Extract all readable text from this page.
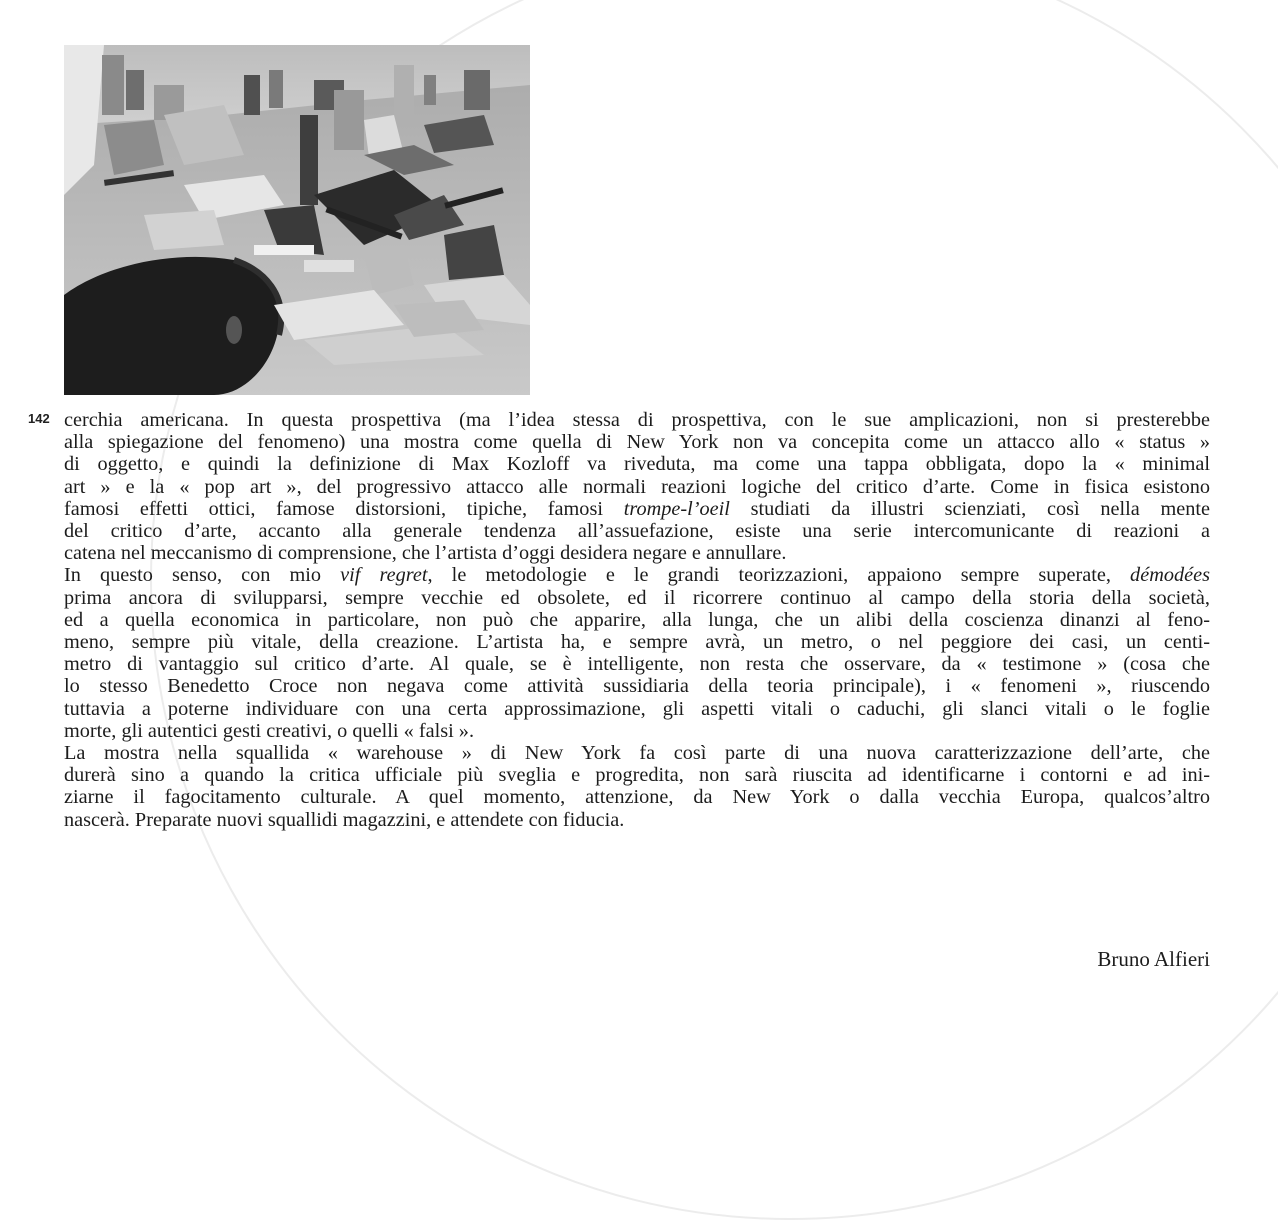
142 cerchia americana. In questa prospettiva (ma l’idea stessa di prospettiva, con le sue amplicazioni, non si presterebbe
alla spiegazione del fenomeno) una mostra come quella di New York non va concepita come un attacco allo « status »
di oggetto, e quindi la definizione di Max Kozloff va riveduta, ma come una tappa obbligata, dopo la « minimal
art » e la « pop art », del progressivo attacco alle normali reazioni logiche del critico d’arte. Come in fisica esistono
famosi effetti ottici, famose distorsioni, tipiche, famosi trompe-l’oeil studiati da illustri scienziati, così nella mente
del critico d’arte, accanto alla generale tendenza all’assuefazione, esiste una serie intercomunicante di reazioni a
catena nel meccanismo di comprensione, che l’artista d’oggi desidera negare e annullare.
In questo senso, con mio vif regret, le metodologie e le grandi teorizzazioni, appaiono sempre superate, démodées
prima ancora di svilupparsi, sempre vecchie ed obsolete, ed il ricorrere continuo al campo della storia della società,
ed a quella economica in particolare, non può che apparire, alla lunga, che un alibi della coscienza dinanzi al feno-
meno, sempre più vitale, della creazione. L’artista ha, e sempre avrà, un metro, o nel peggiore dei casi, un centi-
metro di vantaggio sul critico d’arte. Al quale, se è intelligente, non resta che osservare, da « testimone » (cosa che
lo stesso Benedetto Croce non negava come attività sussidiaria della teoria principale), i « fenomeni », riuscendo
tuttavia a poterne individuare con una certa approssimazione, gli aspetti vitali o caduchi, gli slanci vitali o le foglie
morte, gli autentici gesti creativi, o quelli « falsi ».
La mostra nella squallida « warehouse » di New York fa così parte di una nuova caratterizzazione dell’arte, che
durerà sino a quando la critica ufficiale più sveglia e progredita, non sarà riuscita ad identificarne i contorni e ad ini-
ziarne il fagocitamento culturale. A quel momento, attenzione, da New York o dalla vecchia Europa, qualcos’altro
nascerà. Preparate nuovi squallidi magazzini, e attendete con fiducia.
Bruno Alfieri
